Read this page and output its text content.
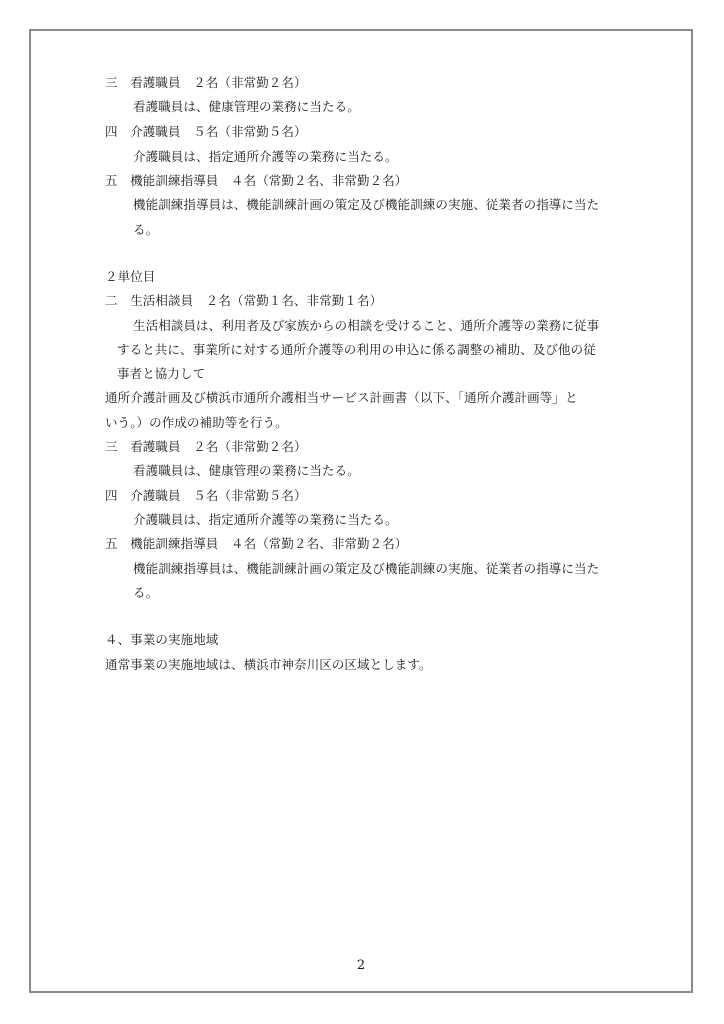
三　看護職員　２名（非常勤２名）
看護職員は、健康管理の業務に当たる。
四　介護職員　５名（非常勤５名）
介護職員は、指定通所介護等の業務に当たる。
五　機能訓練指導員　４名（常勤２名、非常勤２名）
機能訓練指導員は、機能訓練計画の策定及び機能訓練の実施、従業者の指導に当た
る。
２単位目
二　生活相談員　２名（常勤１名、非常勤１名）
生活相談員は、利用者及び家族からの相談を受けること、通所介護等の業務に従事
すると共に、事業所に対する通所介護等の利用の申込に係る調整の補助、及び他の従
事者と協力して
通所介護計画及び横浜市通所介護相当サービス計画書（以下、「通所介護計画等」と
いう。）の作成の補助等を行う。
三　看護職員　２名（非常勤２名）
看護職員は、健康管理の業務に当たる。
四　介護職員　５名（非常勤５名）
介護職員は、指定通所介護等の業務に当たる。
五　機能訓練指導員　４名（常勤２名、非常勤２名）
機能訓練指導員は、機能訓練計画の策定及び機能訓練の実施、従業者の指導に当た
る。
４、事業の実施地域
通常事業の実施地域は、横浜市神奈川区の区域とします。
2
